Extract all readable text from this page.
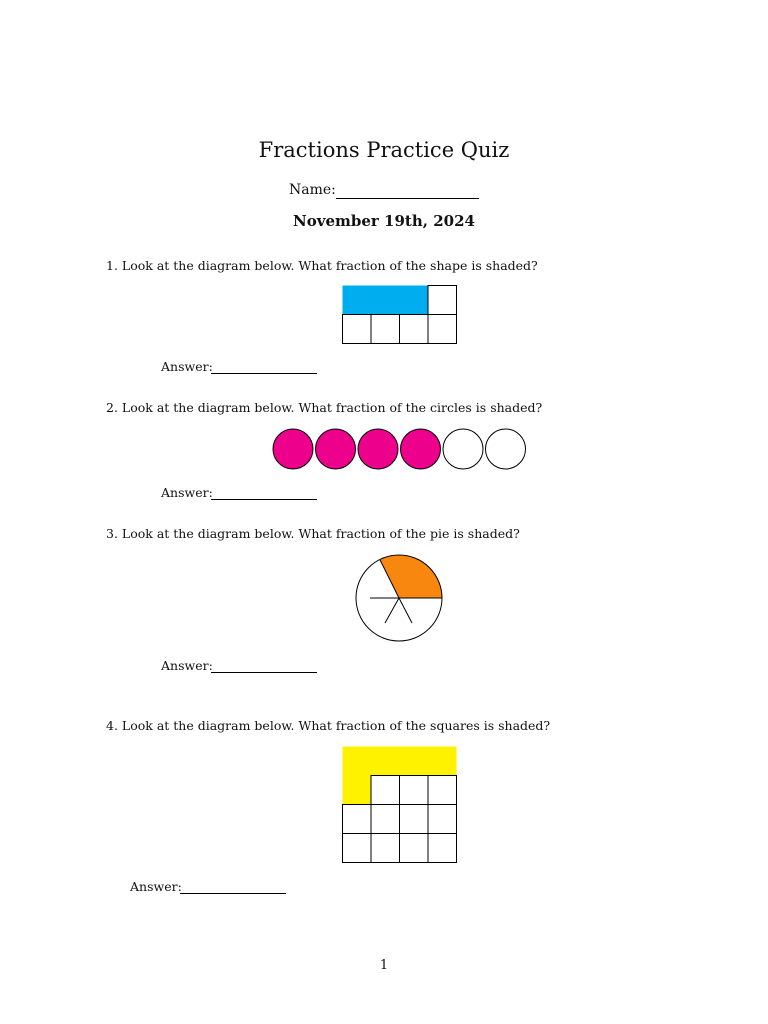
Fractions Practice Quiz
Name:
November 19th, 2024
1. Look at the diagram below. What fraction of the shape is shaded?
Answer:
2. Look at the diagram below. What fraction of the circles is shaded?
Answer:
3. Look at the diagram below. What fraction of the pie is shaded?
Answer:
4. Look at the diagram below. What fraction of the squares is shaded?
Answer:
1
